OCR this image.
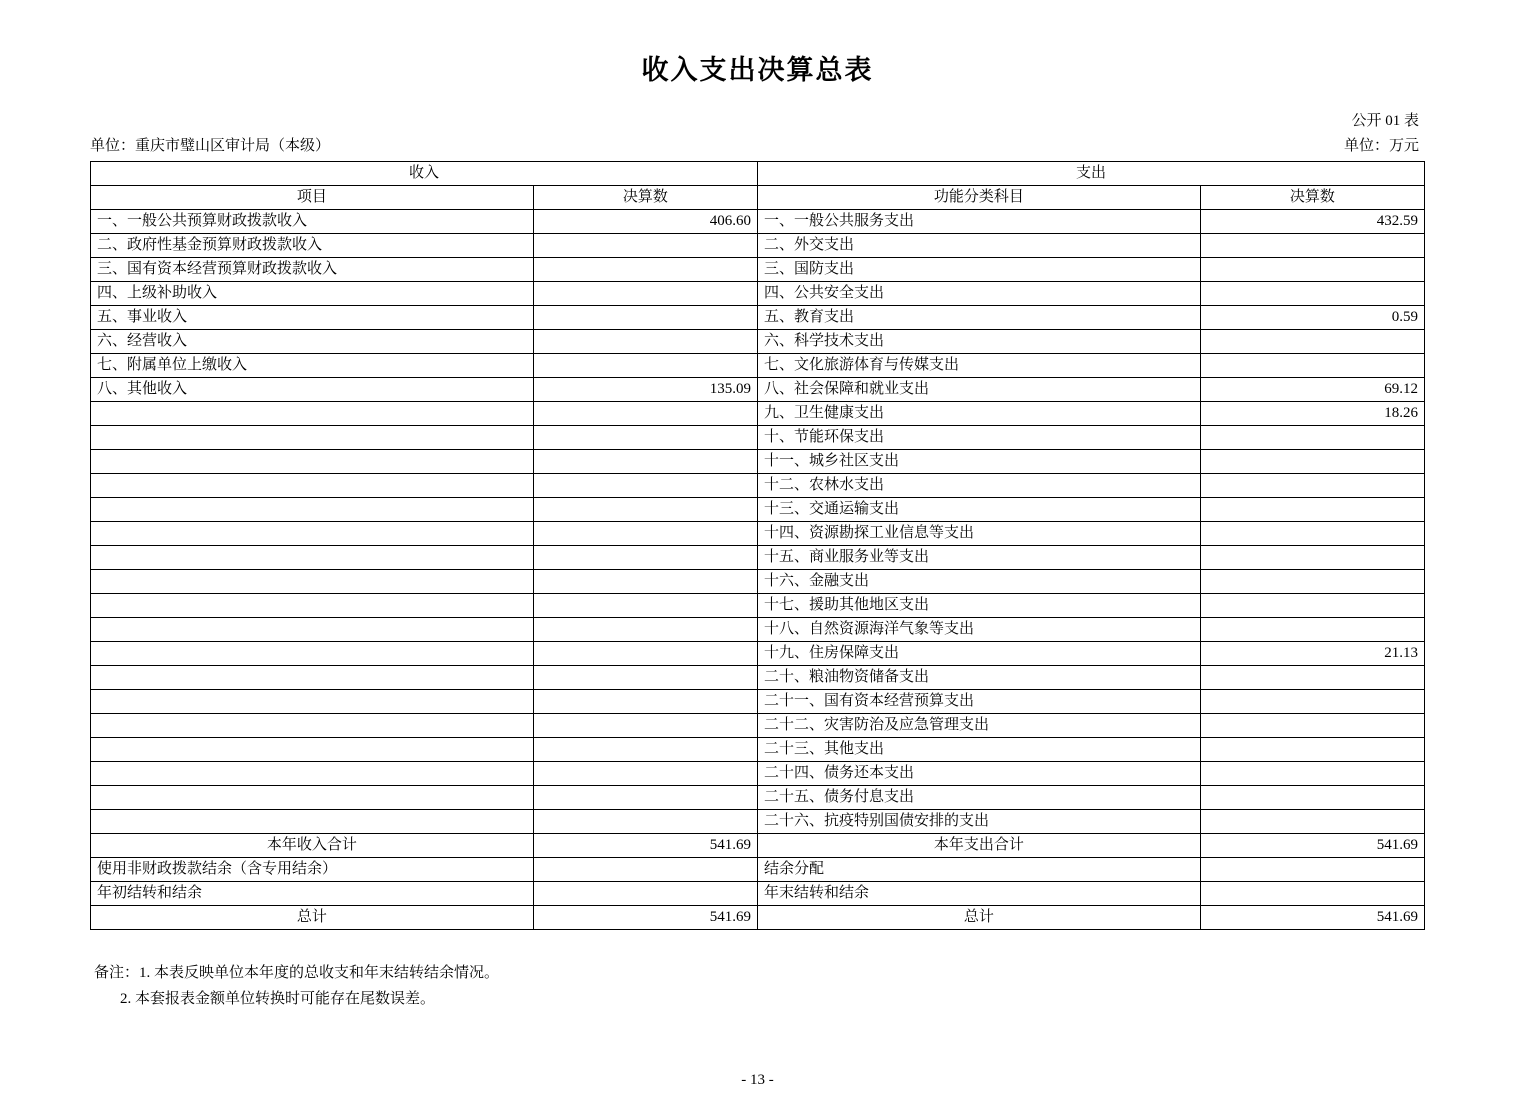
收入支出决算总表
公开 01 表
单位：重庆市璧山区审计局（本级）	单位：万元
收入		支出	
项目	决算数	功能分类科目	决算数
一、一般公共预算财政拨款收入	406.60	一、一般公共服务支出	432.59
二、政府性基金预算财政拨款收入		二、外交支出	
三、国有资本经营预算财政拨款收入		三、国防支出	
四、上级补助收入		四、公共安全支出	
五、事业收入		五、教育支出	0.59
六、经营收入		六、科学技术支出	
七、附属单位上缴收入		七、文化旅游体育与传媒支出	
八、其他收入	135.09	八、社会保障和就业支出	69.12
		九、卫生健康支出	18.26
		十、节能环保支出	
		十一、城乡社区支出	
		十二、农林水支出	
		十三、交通运输支出	
		十四、资源勘探工业信息等支出	
		十五、商业服务业等支出	
		十六、金融支出	
		十七、援助其他地区支出	
		十八、自然资源海洋气象等支出	
		十九、住房保障支出	21.13
		二十、粮油物资储备支出	
		二十一、国有资本经营预算支出	
		二十二、灾害防治及应急管理支出	
		二十三、其他支出	
		二十四、债务还本支出	
		二十五、债务付息支出	
		二十六、抗疫特别国债安排的支出	
本年收入合计	541.69	本年支出合计	541.69
使用非财政拨款结余（含专用结余）		结余分配	
年初结转和结余		年末结转和结余	
总计	541.69	总计	541.69
备注：1. 本表反映单位本年度的总收支和年末结转结余情况。
2. 本套报表金额单位转换时可能存在尾数误差。
- 13 -
